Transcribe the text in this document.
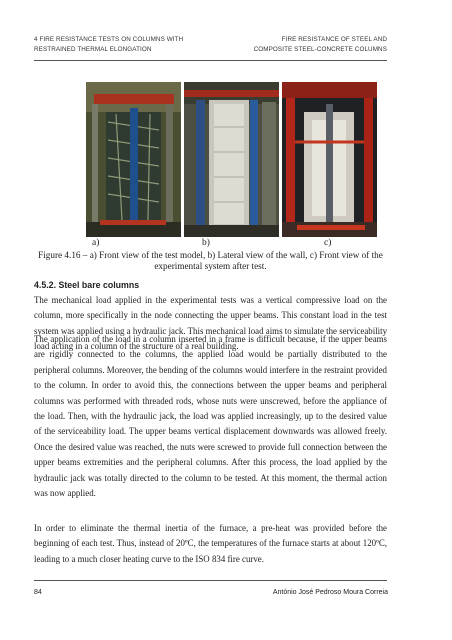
4 FIRE RESISTANCE TESTS ON COLUMNS WITH
RESTRAINED THERMAL ELONGATION
FIRE RESISTANCE OF STEEL AND
COMPOSITE STEEL-CONCRETE COLUMNS
a)	b)	c)
Figure 4.16 – a) Front view of the test model, b) Lateral view of the wall, c) Front view of the
experimental system after test.
4.5.2. Steel bare columns
The mechanical load applied in the experimental tests was a vertical compressive load on the column, more specifically in the node connecting the upper beams. This constant load in the test system was applied using a hydraulic jack. This mechanical load aims to simulate the serviceability load acting in a column of the structure of a real building.
The application of the load in a column inserted in a frame is difficult because, if the upper beams are rigidly connected to the columns, the applied load would be partially distributed to the peripheral columns. Moreover, the bending of the columns would interfere in the restraint provided to the column. In order to avoid this, the connections between the upper beams and peripheral columns was performed with threaded rods, whose nuts were unscrewed, before the appliance of the load. Then, with the hydraulic jack, the load was applied increasingly, up to the desired value of the serviceability load. The upper beams vertical displacement downwards was allowed freely. Once the desired value was reached, the nuts were screwed to provide full connection between the upper beams extremities and the peripheral columns. After this process, the load applied by the hydraulic jack was totally directed to the column to be tested. At this moment, the thermal action was now applied.
In order to eliminate the thermal inertia of the furnace, a pre-heat was provided before the beginning of each test. Thus, instead of 20ºC, the temperatures of the furnace starts at about 120ºC, leading to a much closer heating curve to the ISO 834 fire curve.
84	António José Pedroso Moura Correia
